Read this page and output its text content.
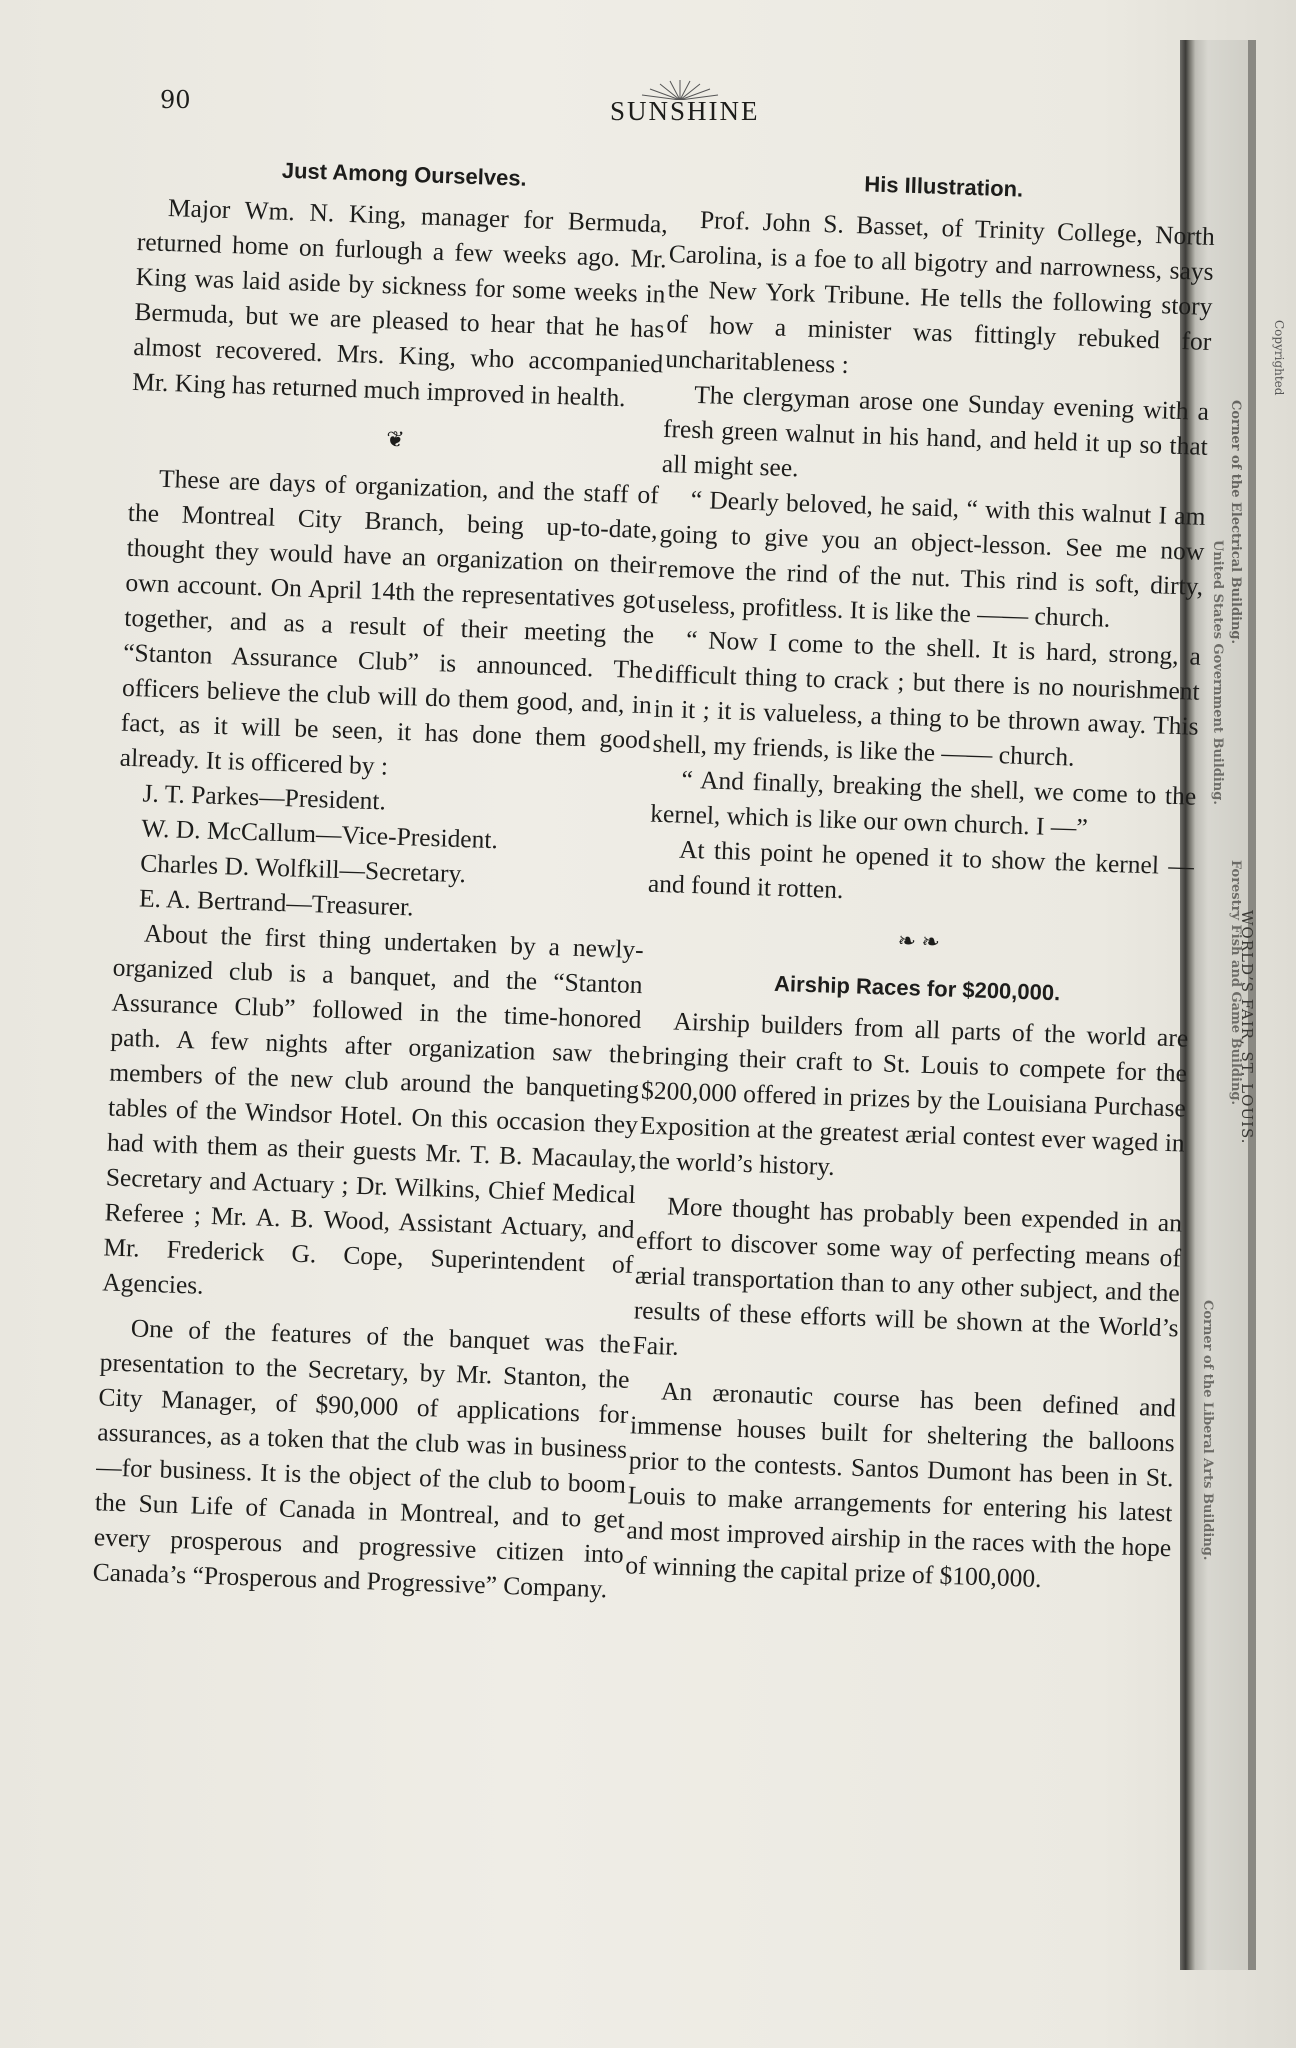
WORLD’S FAIR, ST. LOUIS.
Corner of the Electrical Building.
United States Government Building.
Forestry Fish and Game Building.
Corner of the Liberal Arts Building.
Copyrighted
90	SUNSHINE
Just Among Ourselves.

Major Wm. N. King, manager for Bermuda, returned home on furlough a few weeks ago. Mr. King was laid aside by sickness for some weeks in Bermuda, but we are pleased to hear that he has almost recovered. Mrs. King, who accompanied Mr. King has returned much improved in health.

❦

These are days of organization, and the staff of the Montreal City Branch, being up-to-date, thought they would have an organization on their own account. On April 14th the representatives got together, and as a result of their meeting the “Stanton Assurance Club” is announced. The officers believe the club will do them good, and, in fact, as it will be seen, it has done them good already. It is officered by :

J. T. Parkes—President.

W. D. McCallum—Vice-President.

Charles D. Wolfkill—Secretary.

E. A. Bertrand—Treasurer.

About the first thing undertaken by a newly-organized club is a banquet, and the “Stanton Assurance Club” followed in the time-honored path. A few nights after organization saw the members of the new club around the banqueting tables of the Windsor Hotel. On this occasion they had with them as their guests Mr. T. B. Macaulay, Secretary and Actuary ; Dr. Wilkins, Chief Medical Referee ; Mr. A. B. Wood, Assistant Actuary, and Mr. Frederick G. Cope, Superintendent of Agencies.

One of the features of the banquet was the presentation to the Secretary, by Mr. Stanton, the City Manager, of $90,000 of applications for assurances, as a token that the club was in business—for business. It is the object of the club to boom the Sun Life of Canada in Montreal, and to get every prosperous and progressive citizen into Canada’s “Prosperous and Progressive” Company.

His Illustration.

Prof. John S. Basset, of Trinity College, North Carolina, is a foe to all bigotry and narrowness, says the New York Tribune. He tells the following story of how a minister was fittingly rebuked for uncharitableness :

The clergyman arose one Sunday evening with a fresh green walnut in his hand, and held it up so that all might see.

“ Dearly beloved, he said, “ with this walnut I am going to give you an object-lesson. See me now remove the rind of the nut. This rind is soft, dirty, useless, profitless. It is like the —— church.

“ Now I come to the shell. It is hard, strong, a difficult thing to crack ; but there is no nourishment in it ; it is valueless, a thing to be thrown away. This shell, my friends, is like the —— church.

“ And finally, breaking the shell, we come to the kernel, which is like our own church. I —”

At this point he opened it to show the kernel — and found it rotten.

❧ ❧
Airship Races for $200,000.

Airship builders from all parts of the world are bringing their craft to St. Louis to compete for the $200,000 offered in prizes by the Louisiana Purchase Exposition at the greatest ærial contest ever waged in the world’s history.

More thought has probably been expended in an effort to discover some way of perfecting means of ærial transportation than to any other subject, and the results of these efforts will be shown at the World’s Fair.

An æronautic course has been defined and immense houses built for sheltering the balloons prior to the contests. Santos Dumont has been in St. Louis to make arrangements for entering his latest and most improved airship in the races with the hope of winning the capital prize of $100,000.
